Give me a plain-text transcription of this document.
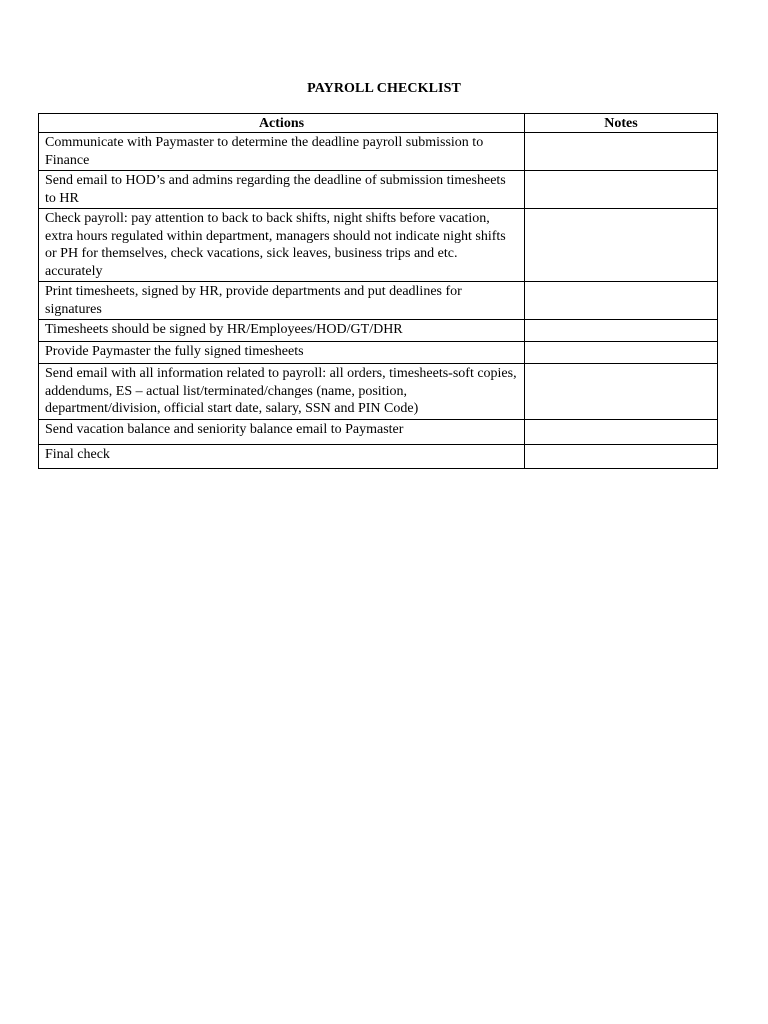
PAYROLL CHECKLIST
Actions	Notes
Communicate with Paymaster to determine the deadline payroll submission to Finance	
Send email to HOD’s and admins regarding the deadline of submission timesheets to HR	
Check payroll: pay attention to back to back shifts, night shifts before vacation, extra hours regulated within department, managers should not indicate night shifts or PH for themselves, check vacations, sick leaves, business trips and etc. accurately	
Print timesheets, signed by HR, provide departments and put deadlines for signatures	
Timesheets should be signed by HR/Employees/HOD/GT/DHR	
Provide Paymaster the fully signed timesheets	
Send email with all information related to payroll: all orders, timesheets-soft copies, addendums, ES – actual list/terminated/changes (name, position, department/division, official start date, salary, SSN and PIN Code)	
Send vacation balance and seniority balance email to Paymaster	
Final check	
